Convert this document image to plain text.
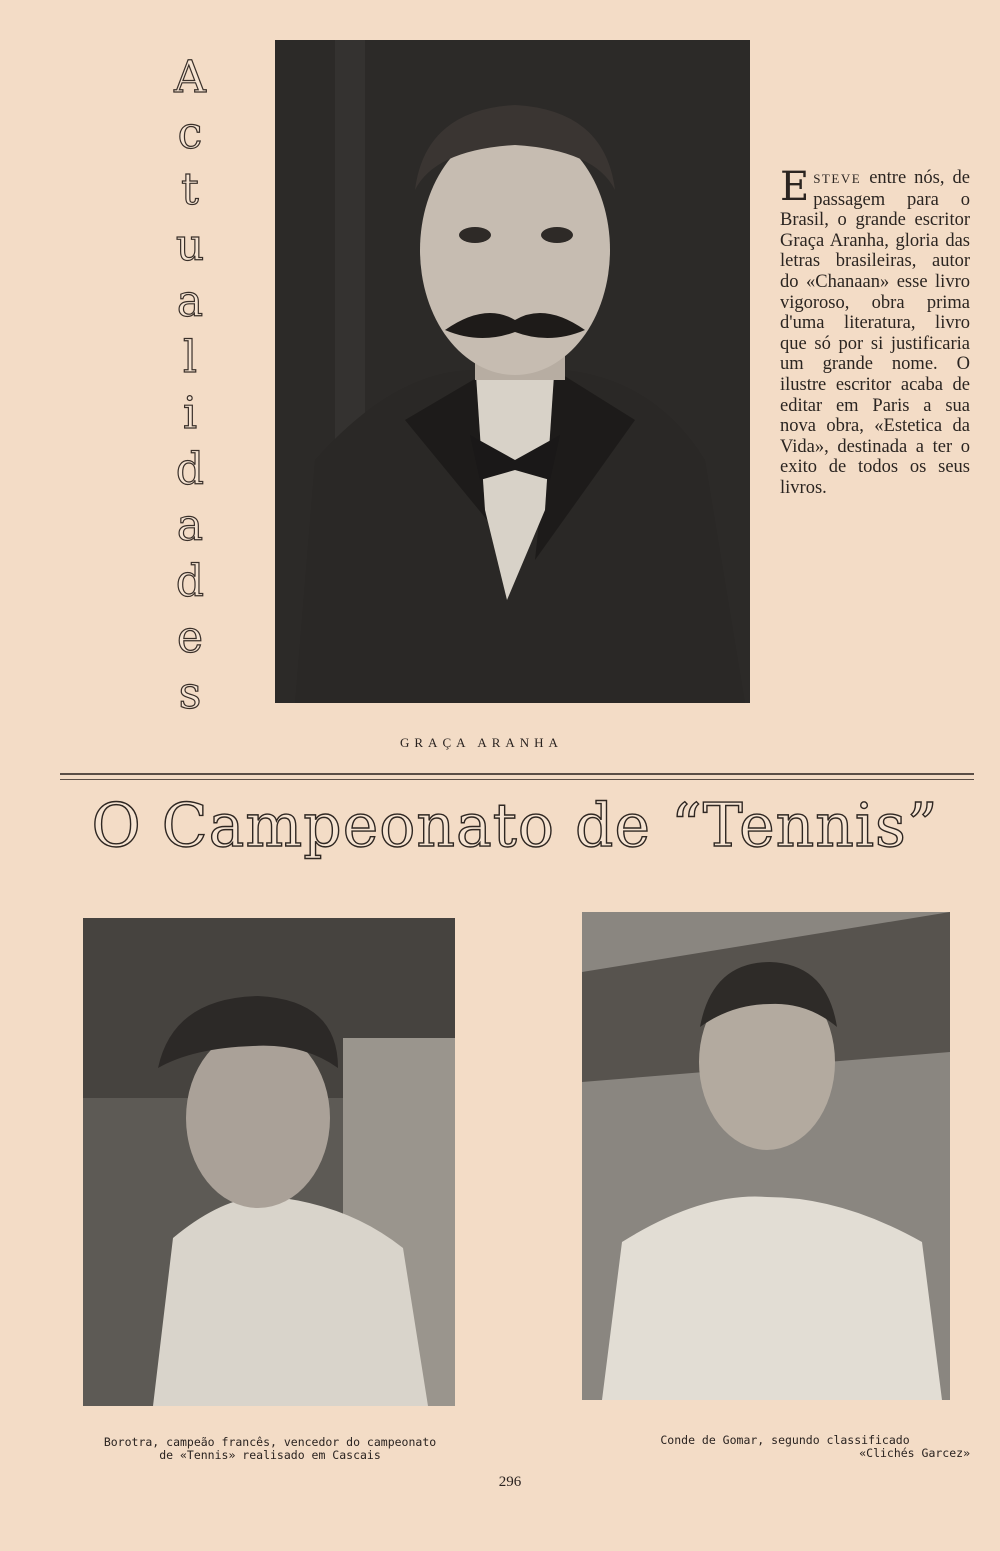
A
c
t
u
a
l
i
d
a
d
e
s
ESTEVE entre nós, de passagem para o Brasil, o grande escritor Graça Aranha, gloria das letras brasileiras, autor do «Chanaan» esse livro vigoroso, obra prima d'uma literatura, livro que só por si justificaria um grande nome. O ilustre escritor acaba de editar em Paris a sua nova obra, «Estetica da Vida», destinada a ter o exito de todos os seus livros.
GRAÇA ARANHA
O Campeonato de “Tennis”
Borotra, campeão francês, vencedor do campeonato
de «Tennis» realisado em Cascais
Conde de Gomar, segundo classificado
«Clichés Garcez»
296
